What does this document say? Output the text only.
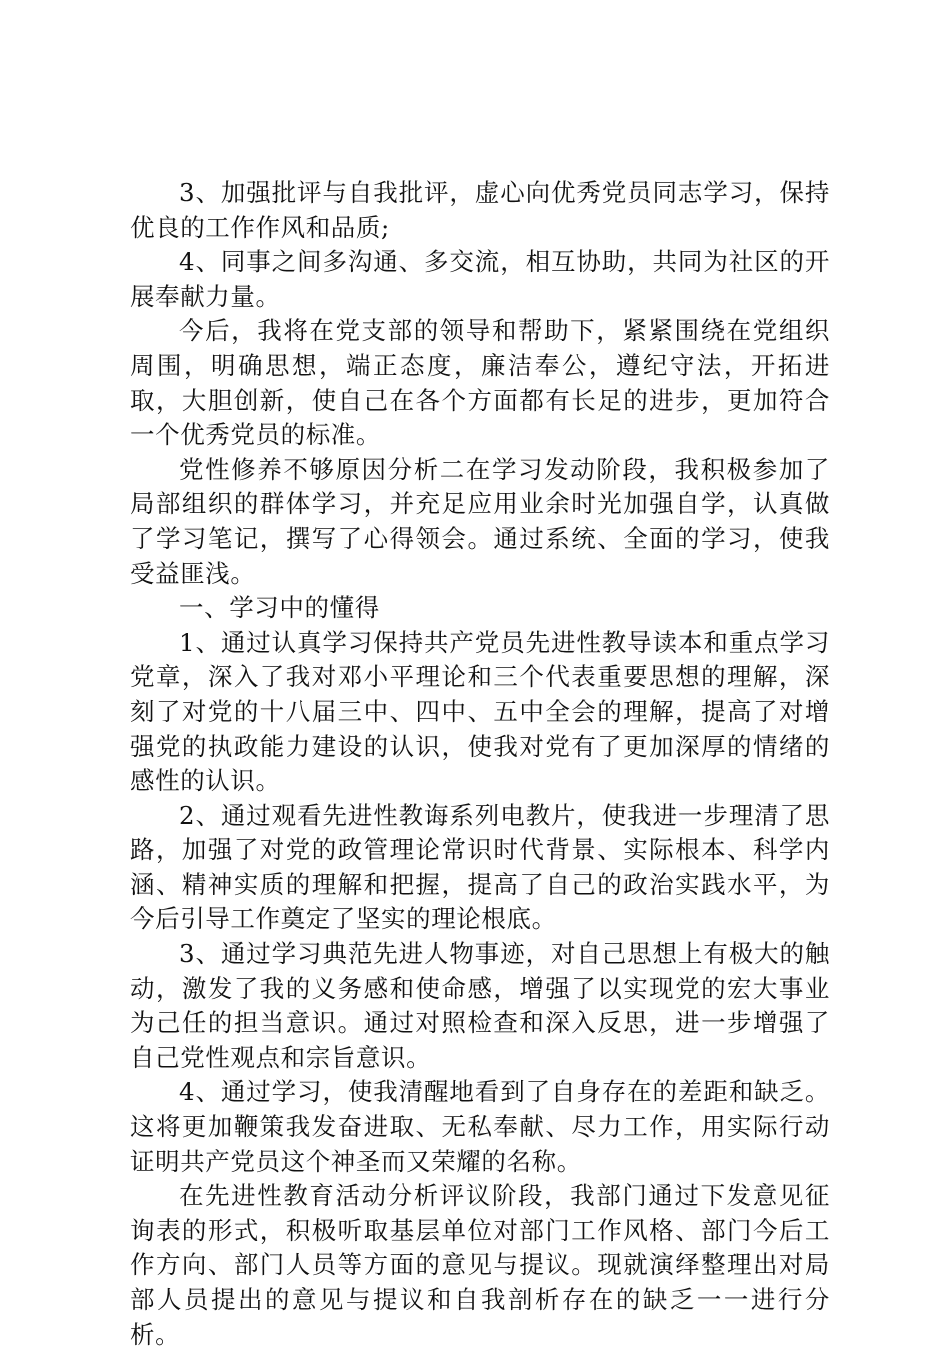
3、加强批评与自我批评，虚心向优秀党员同志学习，保持优良的工作作风和品质;

4、同事之间多沟通、多交流，相互协助，共同为社区的开展奉献力量。

今后，我将在党支部的领导和帮助下，紧紧围绕在党组织周围，明确思想，端正态度，廉洁奉公，遵纪守法，开拓进取，大胆创新，使自己在各个方面都有长足的进步，更加符合一个优秀党员的标准。

党性修养不够原因分析二在学习发动阶段，我积极参加了局部组织的群体学习，并充足应用业余时光加强自学，认真做了学习笔记，撰写了心得领会。通过系统、全面的学习，使我受益匪浅。

一、学习中的懂得

1、通过认真学习保持共产党员先进性教导读本和重点学习党章，深入了我对邓小平理论和三个代表重要思想的理解，深刻了对党的十八届三中、四中、五中全会的理解，提高了对增强党的执政能力建设的认识，使我对党有了更加深厚的情绪的感性的认识。

2、通过观看先进性教诲系列电教片，使我进一步理清了思路，加强了对党的政管理论常识时代背景、实际根本、科学内涵、精神实质的理解和把握，提高了自己的政治实践水平，为今后引导工作奠定了坚实的理论根底。

3、通过学习典范先进人物事迹，对自己思想上有极大的触动，激发了我的义务感和使命感，增强了以实现党的宏大事业为己任的担当意识。通过对照检查和深入反思，进一步增强了自己党性观点和宗旨意识。

4、通过学习，使我清醒地看到了自身存在的差距和缺乏。这将更加鞭策我发奋进取、无私奉献、尽力工作，用实际行动证明共产党员这个神圣而又荣耀的名称。

在先进性教育活动分析评议阶段，我部门通过下发意见征询表的形式，积极听取基层单位对部门工作风格、部门今后工作方向、部门人员等方面的意见与提议。现就演绎整理出对局部人员提出的意见与提议和自我剖析存在的缺乏一一进行分析。
